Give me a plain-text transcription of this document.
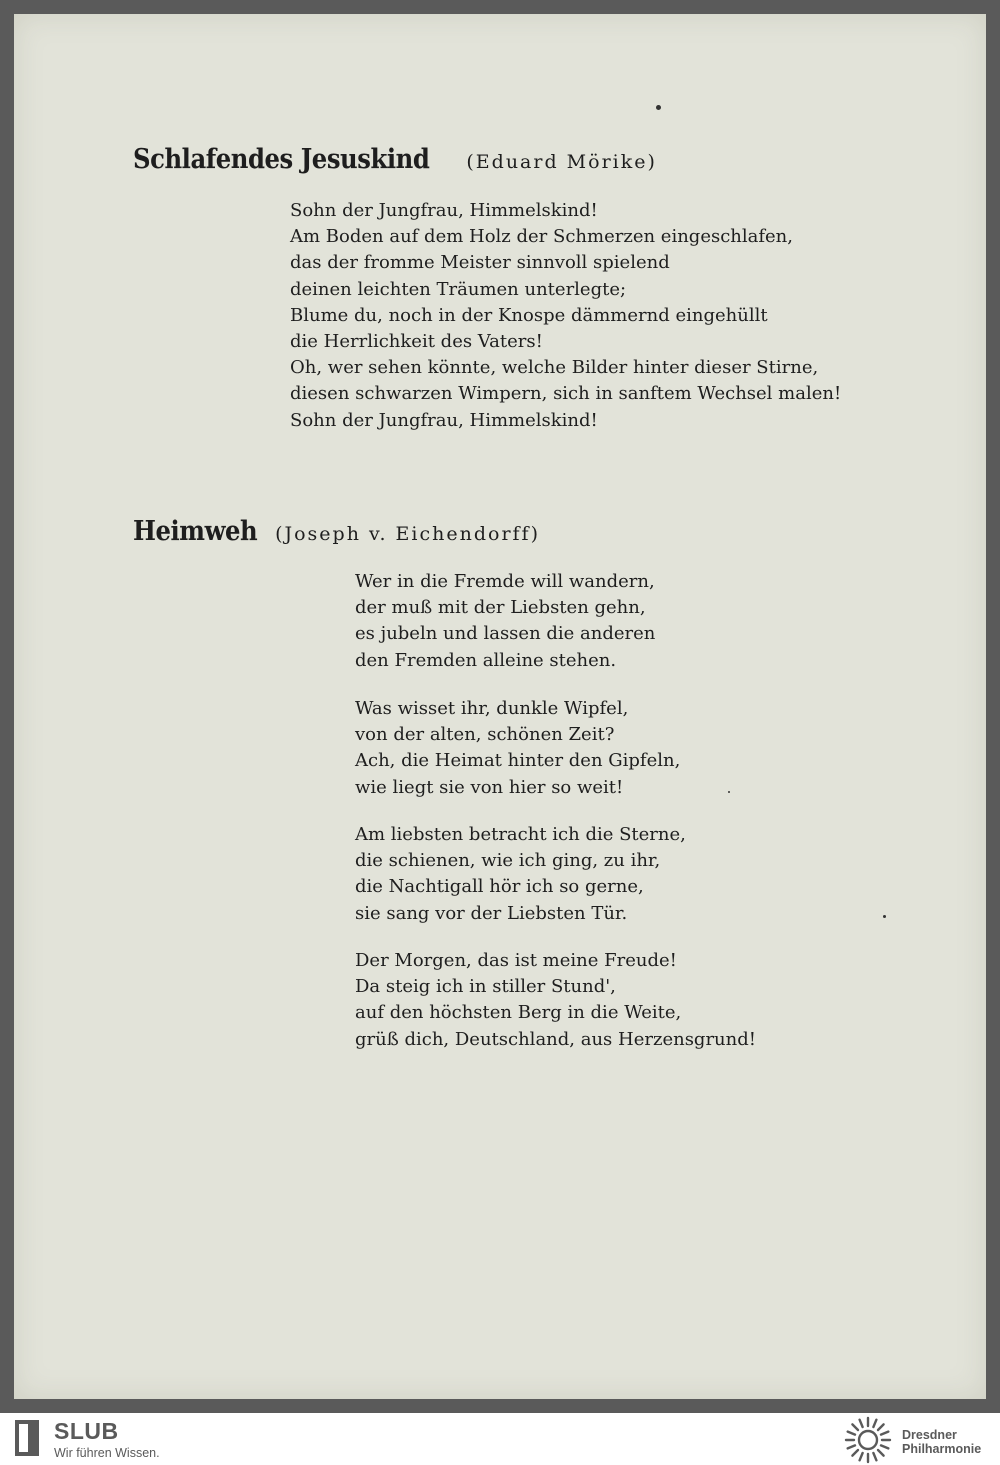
Schlafendes Jesuskind (Eduard Mörike)
Sohn der Jungfrau, Himmelskind!
Am Boden auf dem Holz der Schmerzen eingeschlafen,
das der fromme Meister sinnvoll spielend
deinen leichten Träumen unterlegte;
Blume du, noch in der Knospe dämmernd eingehüllt
die Herrlichkeit des Vaters!
Oh, wer sehen könnte, welche Bilder hinter dieser Stirne,
diesen schwarzen Wimpern, sich in sanftem Wechsel malen!
Sohn der Jungfrau, Himmelskind!
Heimweh (Joseph v. Eichendorff)
Wer in die Fremde will wandern,
der muß mit der Liebsten gehn,
es jubeln und lassen die anderen
den Fremden alleine stehen.
Was wisset ihr, dunkle Wipfel,
von der alten, schönen Zeit?
Ach, die Heimat hinter den Gipfeln,
wie liegt sie von hier so weit!
Am liebsten betracht ich die Sterne,
die schienen, wie ich ging, zu ihr,
die Nachtigall hör ich so gerne,
sie sang vor der Liebsten Tür.
Der Morgen, das ist meine Freude!
Da steig ich in stiller Stund',
auf den höchsten Berg in die Weite,
grüß dich, Deutschland, aus Herzensgrund!
SLUB
Wir führen Wissen.
Dresdner
Philharmonie
